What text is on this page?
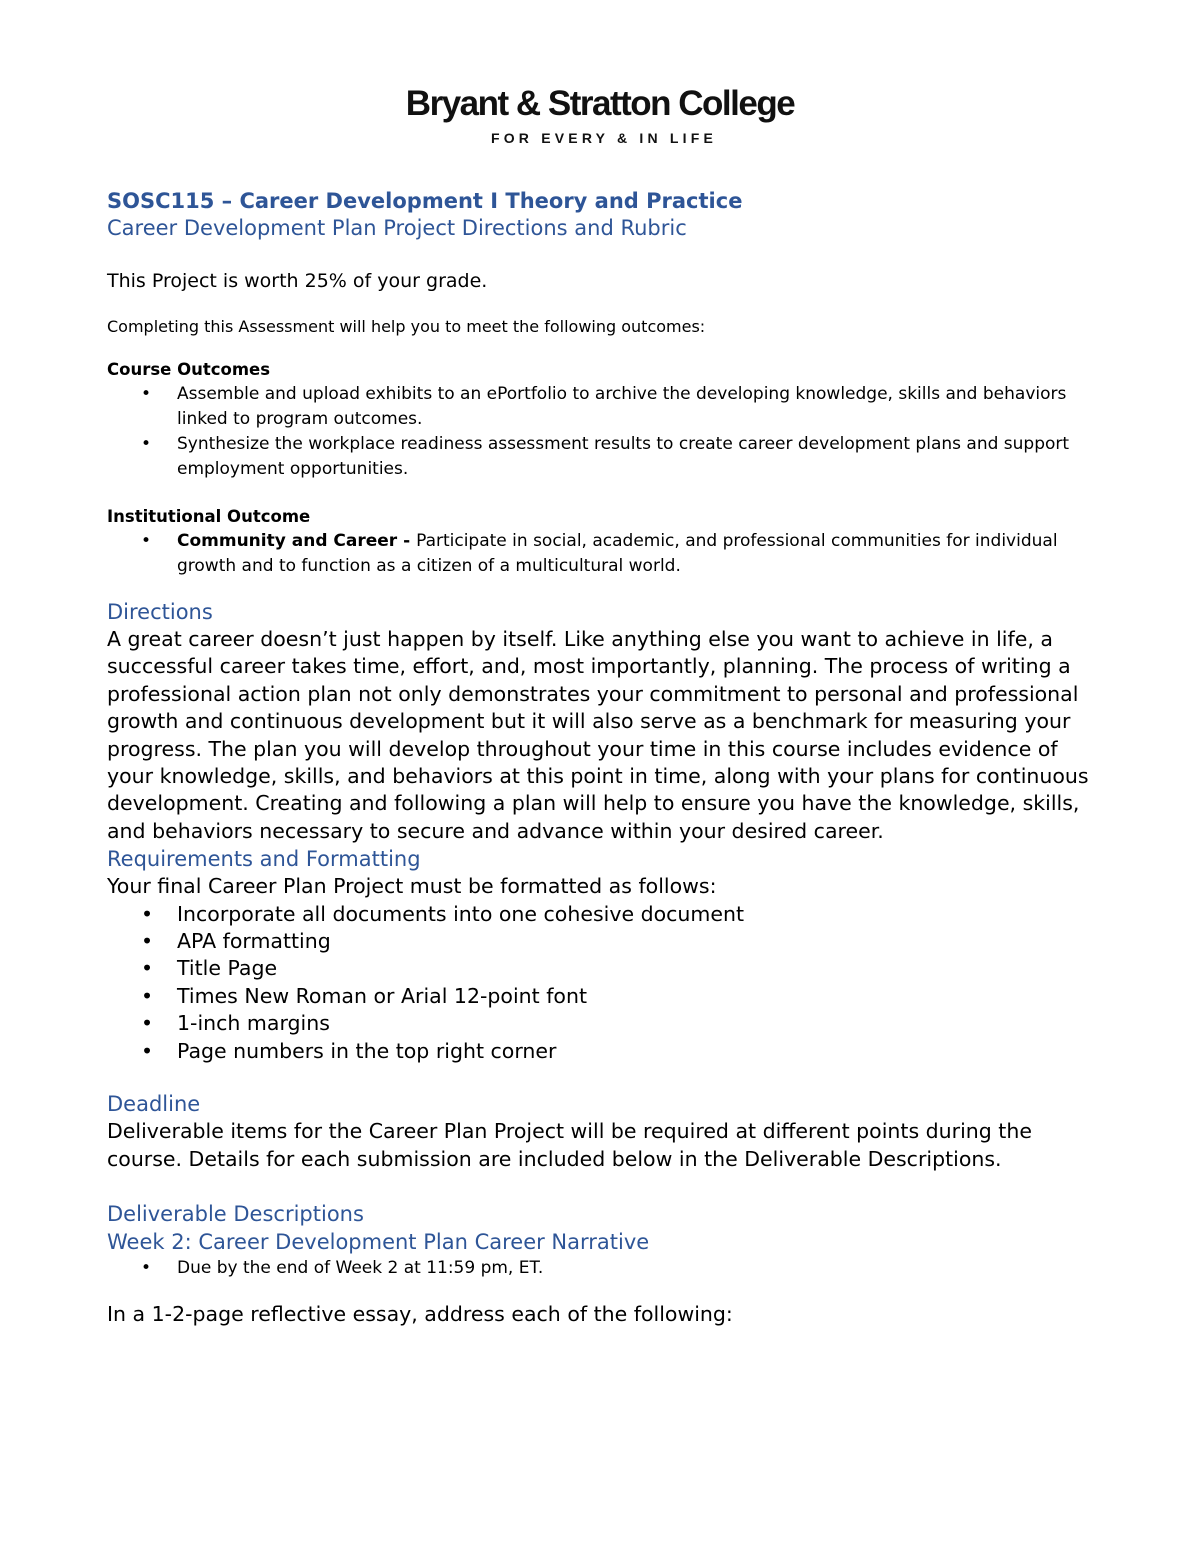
Bryant & Stratton College
FOR EVERY & IN LIFE
SOSC115 – Career Development I Theory and Practice
Career Development Plan Project Directions and Rubric
This Project is worth 25% of your grade.
Completing this Assessment will help you to meet the following outcomes:
Course Outcomes
• Assemble and upload exhibits to an ePortfolio to archive the developing knowledge, skills and behaviors linked to program outcomes.
• Synthesize the workplace readiness assessment results to create career development plans and support employment opportunities.
Institutional Outcome
• Community and Career - Participate in social, academic, and professional communities for individual growth and to function as a citizen of a multicultural world.
Directions
A great career doesn’t just happen by itself. Like anything else you want to achieve in life, a successful career takes time, effort, and, most importantly, planning. The process of writing a professional action plan not only demonstrates your commitment to personal and professional growth and continuous development but it will also serve as a benchmark for measuring your progress. The plan you will develop throughout your time in this course includes evidence of your knowledge, skills, and behaviors at this point in time, along with your plans for continuous development. Creating and following a plan will help to ensure you have the knowledge, skills, and behaviors necessary to secure and advance within your desired career.
Requirements and Formatting
Your final Career Plan Project must be formatted as follows:
• Incorporate all documents into one cohesive document
• APA formatting
• Title Page
• Times New Roman or Arial 12-point font
• 1-inch margins
• Page numbers in the top right corner
Deadline
Deliverable items for the Career Plan Project will be required at different points during the course. Details for each submission are included below in the Deliverable Descriptions.
Deliverable Descriptions
Week 2: Career Development Plan Career Narrative
• Due by the end of Week 2 at 11:59 pm, ET.
In a 1-2-page reflective essay, address each of the following:
